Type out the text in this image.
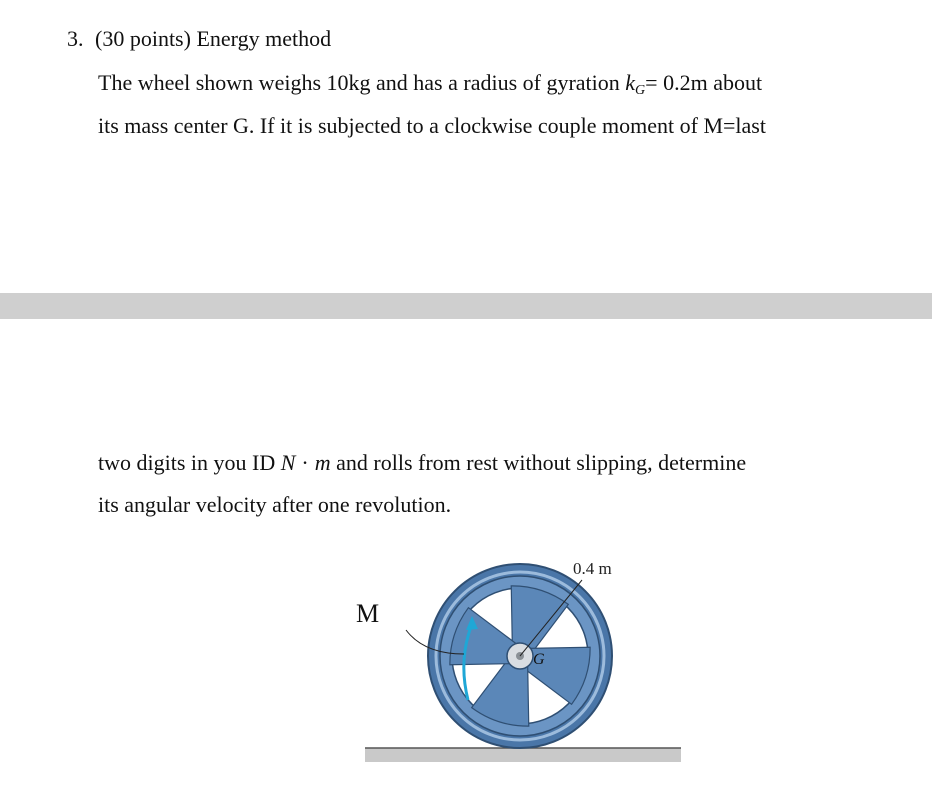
3. (30 points) Energy method
The wheel shown weighs 10kg and has a radius of gyration $k_G= 0.2m$ about
its mass center G. If it is subjected to a clockwise couple moment of M=last
two digits in you ID N · m and rolls from rest without slipping, determine
its angular velocity after one revolution.
M
0.4 m
G
